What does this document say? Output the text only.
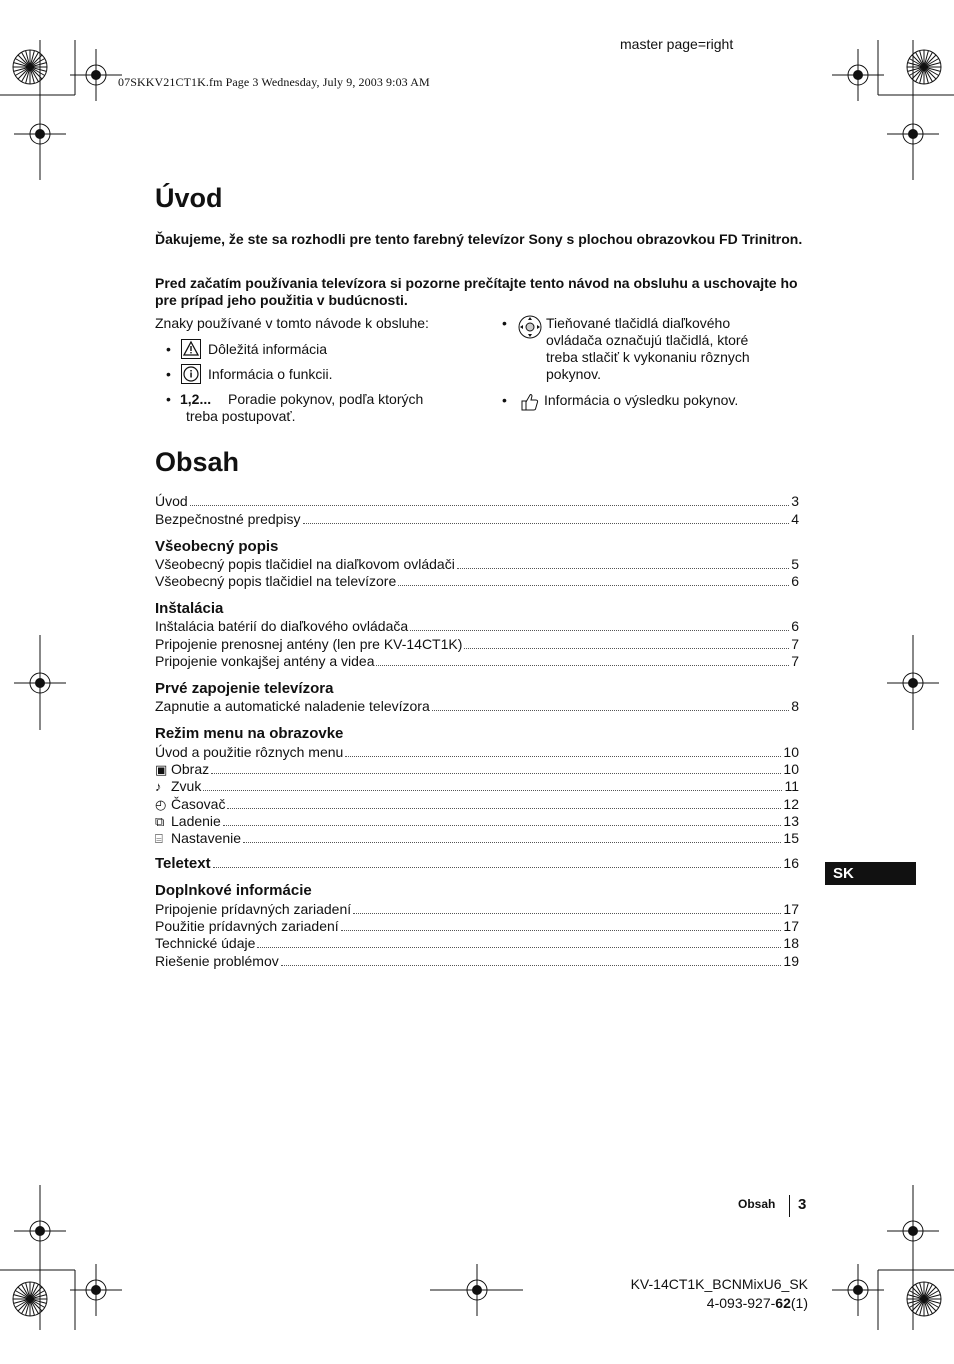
master page=right
07SKKV21CT1K.fm Page 3 Wednesday, July 9, 2003 9:03 AM
Úvod
Ďakujeme, že ste sa rozhodli pre tento farebný televízor Sony s plochou obrazovkou FD Trinitron.
Pred začatím používania televízora si pozorne prečítajte tento návod na obsluhu a uschovajte ho pre prípad jeho použitia v budúcnosti.
Znaky používané v tomto návode k obsluhe:
•	Dôležitá informácia
•	Informácia o funkcii.
• 1,2... Poradie pokynov, podľa ktorých
treba postupovať.
•	Tieňované tlačidlá diaľkového
ovládača označujú tlačidlá, ktoré
treba stlačiť k vykonaniu rôznych
pokynov.
•	Informácia o výsledku pokynov.
Obsah
Úvod	3
Bezpečnostné predpisy	4
Všeobecný popis
Všeobecný popis tlačidiel na diaľkovom ovládači	5
Všeobecný popis tlačidiel na televízore	6
Inštalácia
Inštalácia batérií do diaľkového ovládača	6
Pripojenie prenosnej antény (len pre KV-14CT1K)	7
Pripojenie vonkajšej antény a videa	7
Prvé zapojenie televízora
Zapnutie a automatické naladenie televízora	8
Režim menu na obrazovke
Úvod a použitie rôznych menu	10
▣ Obraz	10
♪ Zvuk	11
◴ Časovač	12
⧉ Ladenie	13
⌸ Nastavenie	15
Teletext	16
Doplnkové informácie
Pripojenie prídavných zariadení	17
Použitie prídavných zariadení	17
Technické údaje	18
Riešenie problémov	19
SK
Obsah 3
KV-14CT1K_BCNMixU6_SK
4-093-927-62(1)
